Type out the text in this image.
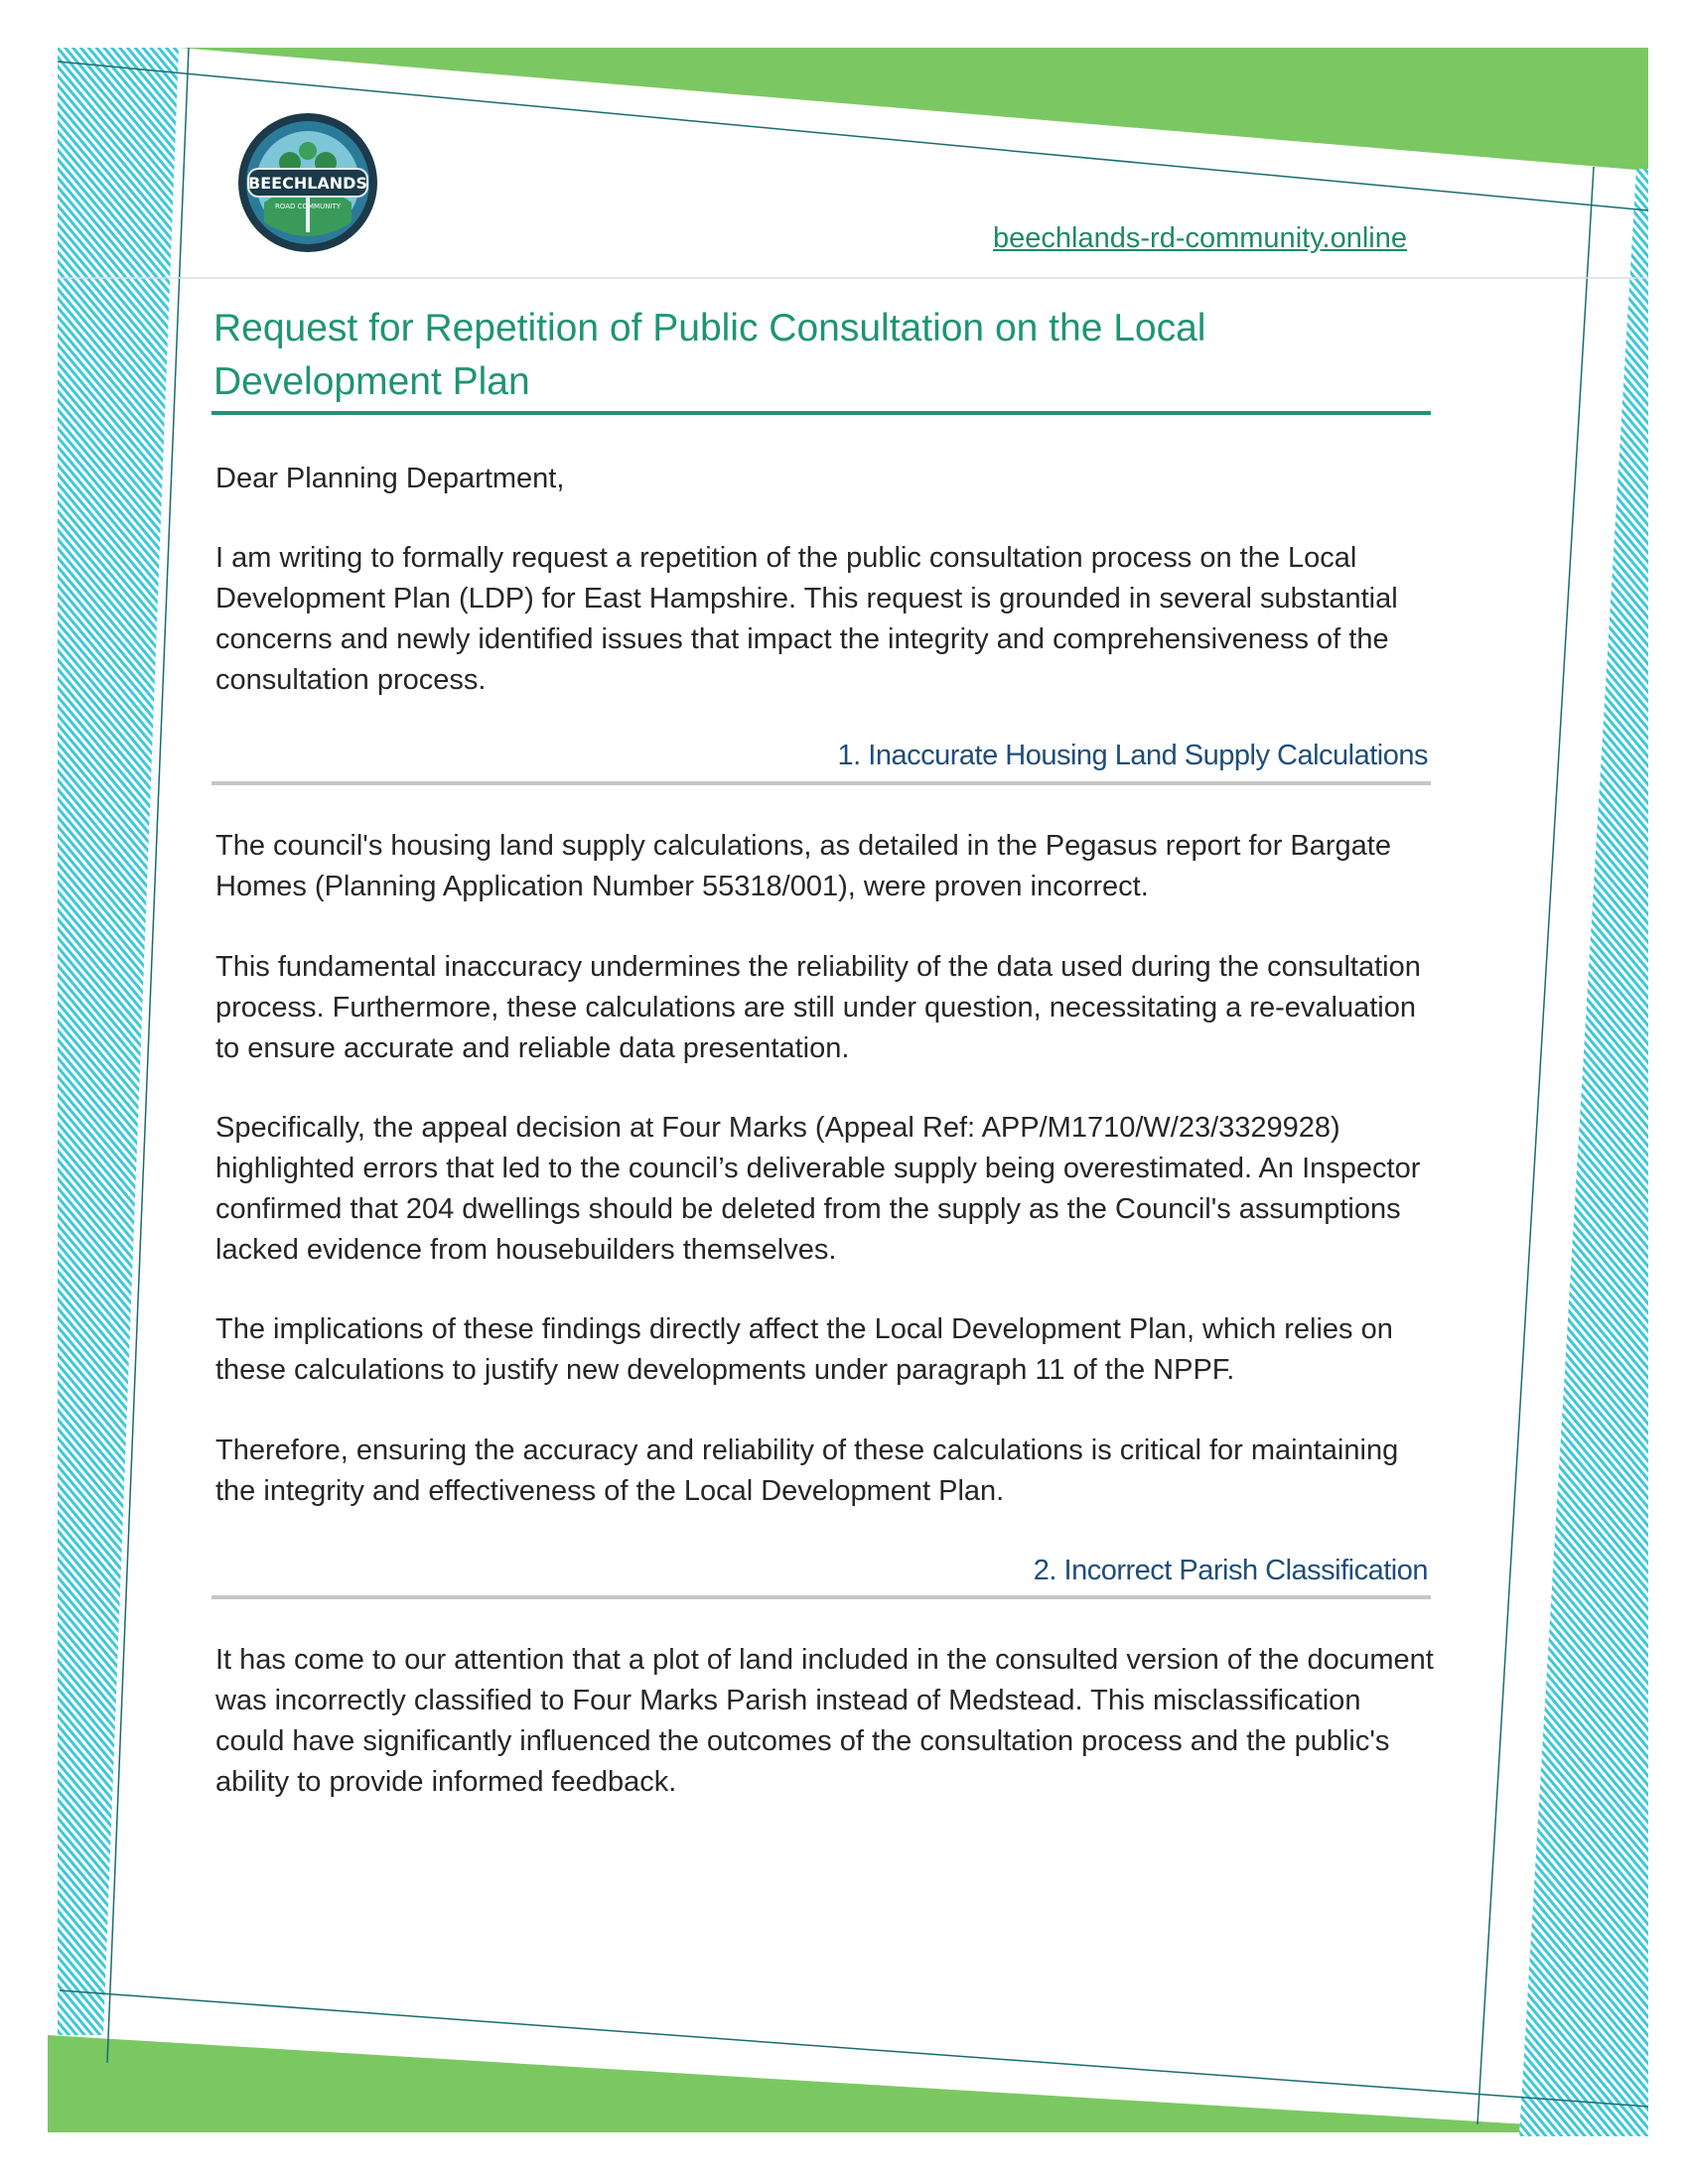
BEECHLANDS
ROAD COMMUNITY
beechlands-rd-community.online
Request for Repetition of Public Consultation on the Local Development Plan

Dear Planning Department,

I am writing to formally request a repetition of the public consultation process on the Local Development Plan (LDP) for East Hampshire. This request is grounded in several substantial concerns and newly identified issues that impact the integrity and comprehensiveness of the consultation process.

1. Inaccurate Housing Land Supply Calculations

The council's housing land supply calculations, as detailed in the Pegasus report for Bargate Homes (Planning Application Number 55318/001), were proven incorrect.

This fundamental inaccuracy undermines the reliability of the data used during the consultation process. Furthermore, these calculations are still under question, necessitating a re-evaluation to ensure accurate and reliable data presentation.

Specifically, the appeal decision at Four Marks (Appeal Ref: APP/M1710/W/23/3329928) highlighted errors that led to the council’s deliverable supply being overestimated. An Inspector confirmed that 204 dwellings should be deleted from the supply as the Council's assumptions lacked evidence from housebuilders themselves.

The implications of these findings directly affect the Local Development Plan, which relies on these calculations to justify new developments under paragraph 11 of the NPPF.

Therefore, ensuring the accuracy and reliability of these calculations is critical for maintaining the integrity and effectiveness of the Local Development Plan.

2. Incorrect Parish Classification

It has come to our attention that a plot of land included in the consulted version of the document was incorrectly classified to Four Marks Parish instead of Medstead. This misclassification could have significantly influenced the outcomes of the consultation process and the public's ability to provide informed feedback.
